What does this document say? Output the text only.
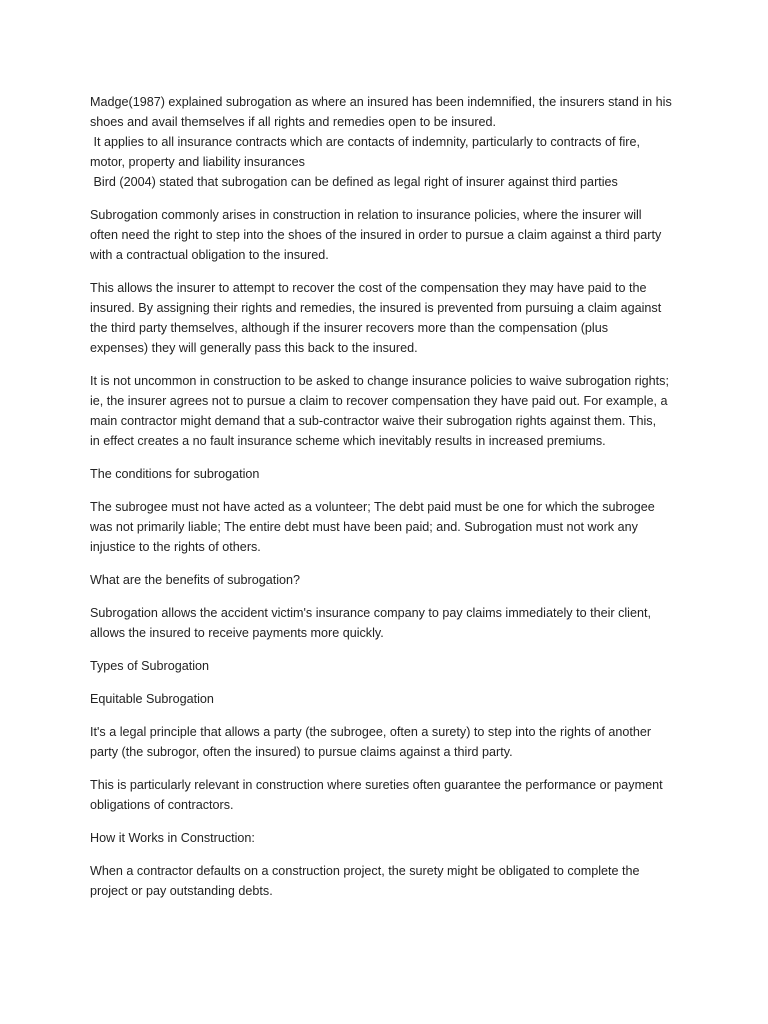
Madge(1987) explained subrogation as where an insured has been indemnified, the insurers stand in his
shoes and avail themselves if all rights and remedies open to be insured.
It applies to all insurance contracts which are contacts of indemnity, particularly to contracts of fire,
motor, property and liability insurances
Bird (2004) stated that subrogation can be defined as legal right of insurer against third parties

Subrogation commonly arises in construction in relation to insurance policies, where the insurer will
often need the right to step into the shoes of the insured in order to pursue a claim against a third party
with a contractual obligation to the insured.

This allows the insurer to attempt to recover the cost of the compensation they may have paid to the
insured. By assigning their rights and remedies, the insured is prevented from pursuing a claim against
the third party themselves, although if the insurer recovers more than the compensation (plus
expenses) they will generally pass this back to the insured.

It is not uncommon in construction to be asked to change insurance policies to waive subrogation rights;
ie, the insurer agrees not to pursue a claim to recover compensation they have paid out. For example, a
main contractor might demand that a sub-contractor waive their subrogation rights against them. This,
in effect creates a no fault insurance scheme which inevitably results in increased premiums.

The conditions for subrogation

The subrogee must not have acted as a volunteer; The debt paid must be one for which the subrogee
was not primarily liable; The entire debt must have been paid; and. Subrogation must not work any
injustice to the rights of others.

What are the benefits of subrogation?

Subrogation allows the accident victim's insurance company to pay claims immediately to their client,
allows the insured to receive payments more quickly.

Types of Subrogation

Equitable Subrogation

It's a legal principle that allows a party (the subrogee, often a surety) to step into the rights of another
party (the subrogor, often the insured) to pursue claims against a third party.

This is particularly relevant in construction where sureties often guarantee the performance or payment
obligations of contractors.

How it Works in Construction:

When a contractor defaults on a construction project, the surety might be obligated to complete the
project or pay outstanding debts.
